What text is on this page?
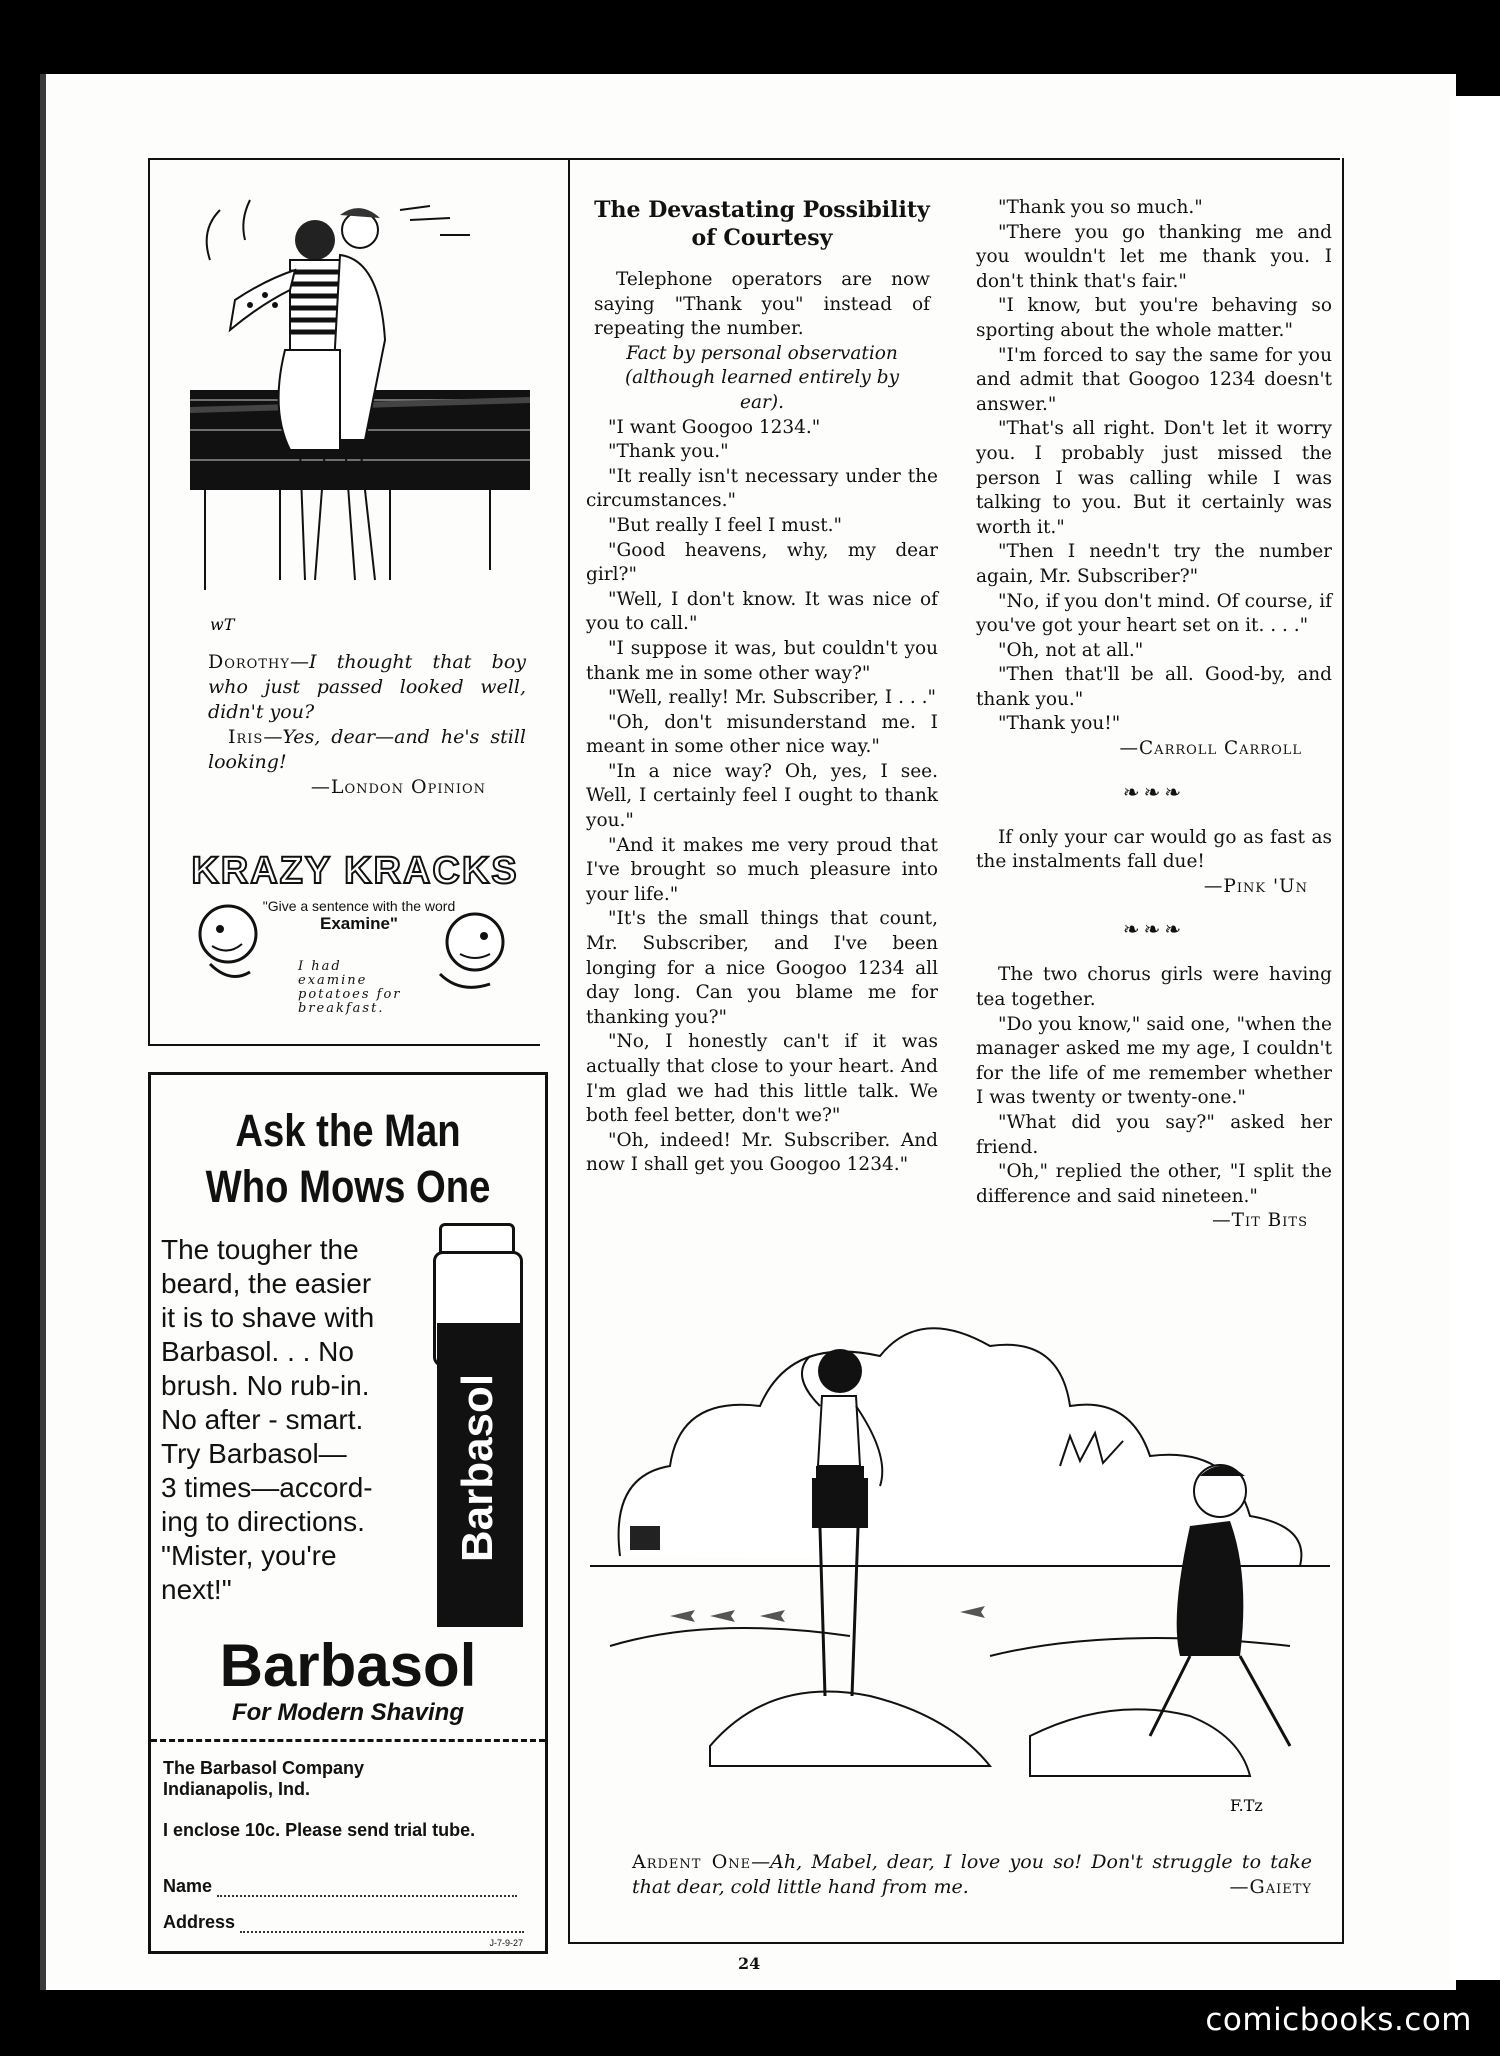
comicbooks.com
wT
Dorothy—I thought that boy who just passed looked well, didn't you?
Iris—Yes, dear—and he's still looking!
—London Opinion
KRAZY KRACKS
"Give a sentence with the word
Examine"
I had examine potatoes for breakfast.
Ask the Man
Who Mows One
The tougher the
beard, the easier
it is to shave with
Barbasol. . . No
brush. No rub-in.
No after - smart.
Try Barbasol—
3 times—accord-
ing to directions.
"Mister, you're
next!"
Barbasol
Barbasol
For Modern Shaving
The Barbasol Company
Indianapolis, Ind.
I enclose 10c. Please send trial tube.
Name
Address
J-7-9-27
The Devastating Possibility
of Courtesy

Telephone operators are now saying "Thank you" instead of repeating the number.

Fact by personal observation (although learned entirely by ear).

"I want Googoo 1234."

"Thank you."

"It really isn't necessary under the circumstances."

"But really I feel I must."

"Good heavens, why, my dear girl?"

"Well, I don't know. It was nice of you to call."

"I suppose it was, but couldn't you thank me in some other way?"

"Well, really! Mr. Subscriber, I . . ."

"Oh, don't misunderstand me. I meant in some other nice way."

"In a nice way? Oh, yes, I see. Well, I certainly feel I ought to thank you."

"And it makes me very proud that I've brought so much pleasure into your life."

"It's the small things that count, Mr. Subscriber, and I've been longing for a nice Googoo 1234 all day long. Can you blame me for thanking you?"

"No, I honestly can't if it was actually that close to your heart. And I'm glad we had this little talk. We both feel better, don't we?"

"Oh, indeed! Mr. Subscriber. And now I shall get you Googoo 1234."

"Thank you so much."

"There you go thanking me and you wouldn't let me thank you. I don't think that's fair."

"I know, but you're behaving so sporting about the whole matter."

"I'm forced to say the same for you and admit that Googoo 1234 doesn't answer."

"That's all right. Don't let it worry you. I probably just missed the person I was calling while I was talking to you. But it certainly was worth it."

"Then I needn't try the number again, Mr. Subscriber?"

"No, if you don't mind. Of course, if you've got your heart set on it. . . ."

"Oh, not at all."

"Then that'll be all. Good-by, and thank you."

"Thank you!"

—Carroll Carroll
❧❧❧

If only your car would go as fast as the instalments fall due!

—Pink 'Un
❧❧❧

The two chorus girls were having tea together.

"Do you know," said one, "when the manager asked me my age, I couldn't for the life of me remember whether I was twenty or twenty-one."

"What did you say?" asked her friend.

"Oh," replied the other, "I split the difference and said nineteen."

—Tit Bits
F.Tz
Ardent One—Ah, Mabel, dear, I love you so! Don't struggle to take that dear, cold little hand from me.	—Gaiety
24
